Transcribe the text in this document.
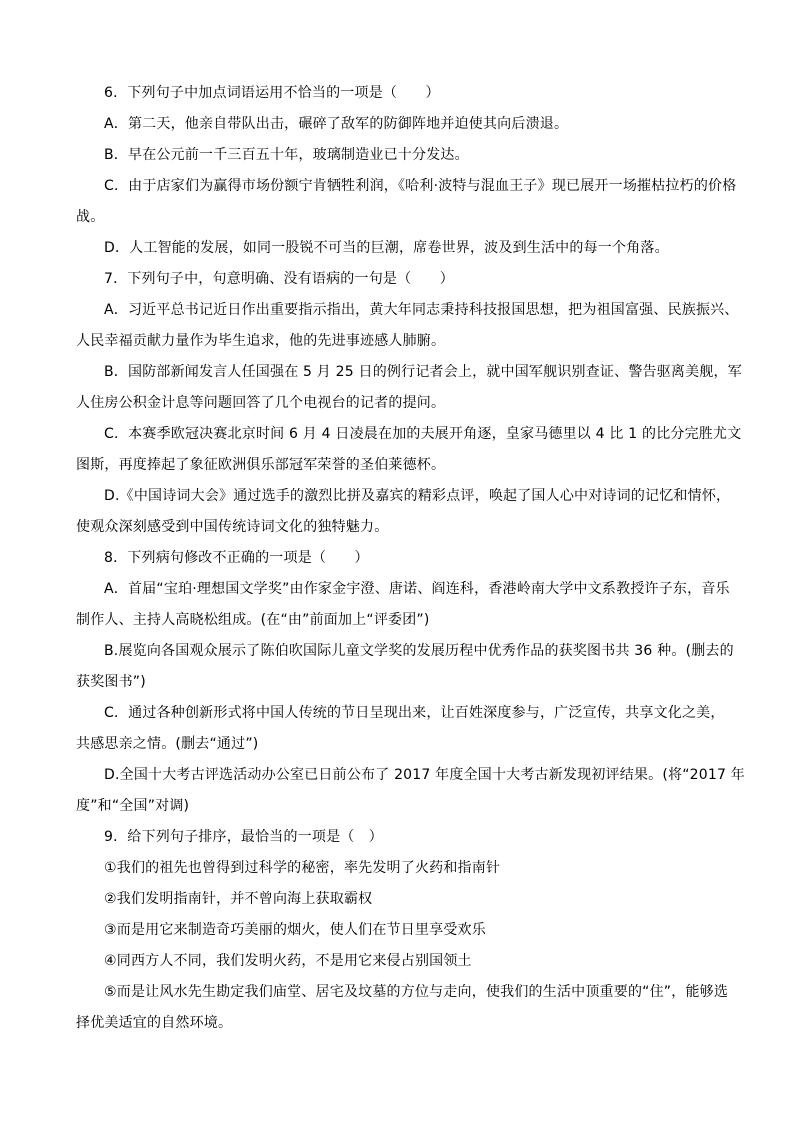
6．下列句子中加点词语运用不恰当的一项是（　　）
A．第二天，他亲自带队出击，碾碎了敌军的防御阵地并迫使其向后溃退。
B．早在公元前一千三百五十年，玻璃制造业已十分发达。
C．由于店家们为赢得市场份额宁肯牺牲利润，《哈利·波特与混血王子》现已展开一场摧枯拉朽的价格
战。
D．人工智能的发展，如同一股锐不可当的巨潮，席卷世界，波及到生活中的每一个角落。
7．下列句子中，句意明确、没有语病的一句是（　　）
A．习近平总书记近日作出重要指示指出，黄大年同志秉持科技报国思想，把为祖国富强、民族振兴、
人民幸福贡献力量作为毕生追求，他的先进事迹感人肺腑。
B．国防部新闻发言人任国强在 5 月 25 日的例行记者会上，就中国军舰识别查证、警告驱离美舰，军
人住房公积金计息等问题回答了几个电视台的记者的提问。
C．本赛季欧冠决赛北京时间 6 月 4 日凌晨在加的夫展开角逐，皇家马德里以 4 比 1 的比分完胜尤文
图斯，再度捧起了象征欧洲俱乐部冠军荣誉的圣伯莱德杯。
D.《中国诗词大会》通过选手的激烈比拼及嘉宾的精彩点评，唤起了国人心中对诗词的记忆和情怀，
使观众深刻感受到中国传统诗词文化的独特魅力。
8．下列病句修改不正确的一项是（　　）
A．首届“宝珀·理想国文学奖”由作家金宇澄、唐诺、阎连科，香港岭南大学中文系教授许子东，音乐
制作人、主持人高晓松组成。(在“由”前面加上“评委团”)
B.展览向各国观众展示了陈伯吹国际儿童文学奖的发展历程中优秀作品的获奖图书共 36 种。(删去的
获奖图书”)
C．通过各种创新形式将中国人传统的节日呈现出来，让百姓深度参与，广泛宣传，共享文化之美，
共感思亲之情。(删去“通过”)
D.全国十大考古评选活动办公室已日前公布了 2017 年度全国十大考古新发现初评结果。(将“2017 年
度”和“全国”对调)
9．给下列句子排序，最恰当的一项是（　）
①我们的祖先也曾得到过科学的秘密，率先发明了火药和指南针
②我们发明指南针，并不曾向海上获取霸权
③而是用它来制造奇巧美丽的烟火，使人们在节日里享受欢乐
④同西方人不同，我们发明火药，不是用它来侵占别国领土
⑤而是让风水先生勘定我们庙堂、居宅及坟墓的方位与走向，使我们的生活中顶重要的“住”，能够选
择优美适宜的自然环境。
